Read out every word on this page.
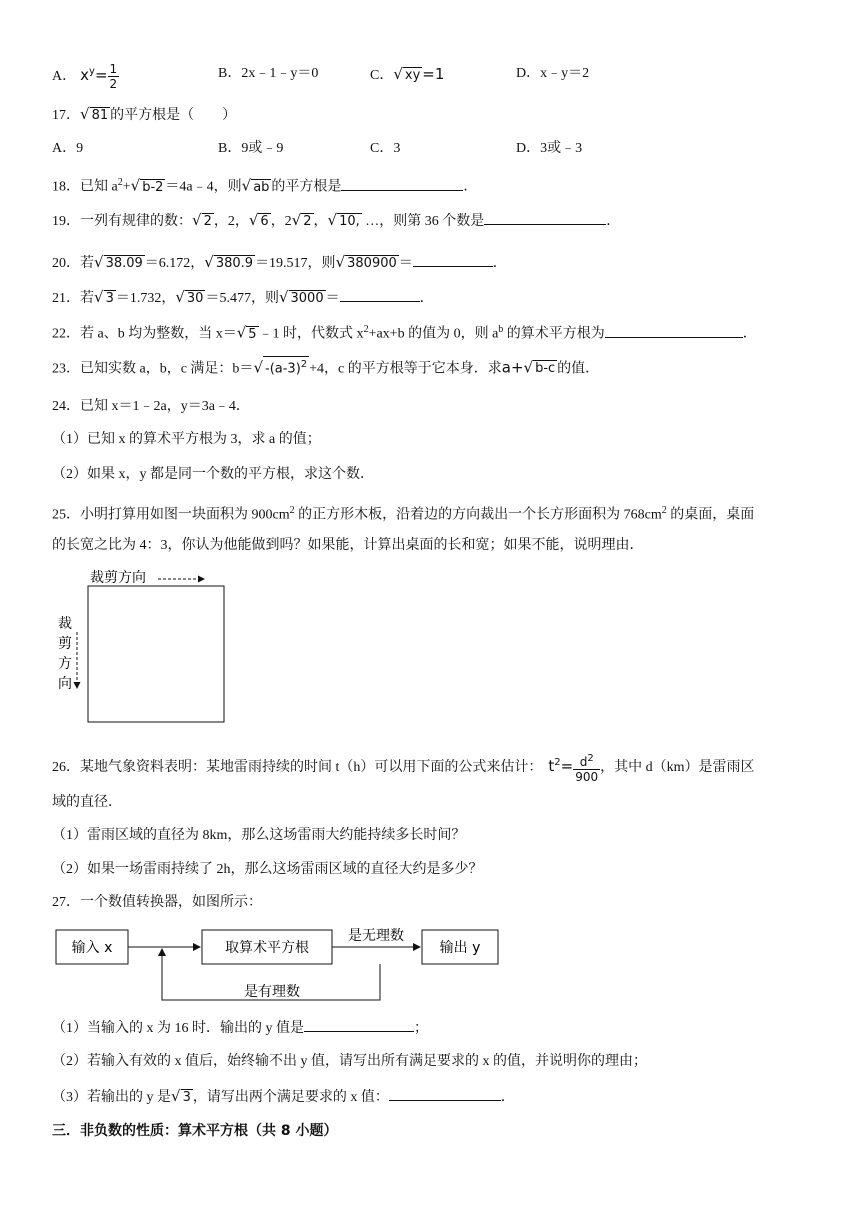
A． $x^y= \frac{1}{2}$	B．2x﹣1﹣y＝0	C．√ xy =1	D．x﹣y＝2
17．√ 81 的平方根是（　　）
A．9	B．9或﹣9	C．3	D．3或﹣3
18．已知 $a^2+√$ b-2 ＝4a﹣4，则√ ab 的平方根是	．
19．一列有规律的数：√ 2 ，2，√ 6 ，2√ 2 ，√ 10, …，则第 36 个数是	．
20．若√ 38.09 ＝6.172，√ 380.9 ＝19.517，则√ 380900 ＝	．
21．若√ 3 ＝1.732，√ 30 ＝5.477，则√ 3000 ＝	．
22．若 a、b 均为整数，当 x＝√ 5 ﹣1 时，代数式 $x^2+ax+b$ 的值为 0，则 $a^b$ 的算术平方根为	．
23．已知实数 a，b，c 满足：b＝√ $-(a-3)^2 +4$，c 的平方根等于它本身．求a+√ b-c 的值．
24．已知 x＝1﹣2a，y＝3a﹣4．
（1）已知 x 的算术平方根为 3，求 a 的值；
（2）如果 x，y 都是同一个数的平方根，求这个数．
25．小明打算用如图一块面积为 $900cm^2$ 的正方形木板，沿着边的方向裁出一个长方形面积为 $768cm^2$ 的桌面，桌面
的长宽之比为 4：3，你认为他能做到吗？如果能，计算出桌面的长和宽；如果不能，说明理由．
裁剪方向
裁
剪
方
向
26．某地气象资料表明：某地雷雨持续的时间 t（h）可以用下面的公式来估计： $t^2= \frac{d^2}{900}$ ，其中 d（km）是雷雨区
域的直径．
（1）雷雨区域的直径为 8km，那么这场雷雨大约能持续多长时间？
（2）如果一场雷雨持续了 2h，那么这场雷雨区域的直径大约是多少？
27．一个数值转换器，如图所示：
输入 x	取算术平方根
是无理数
输出 y
是有理数
（1）当输入的 x 为 16 时．输出的 y 值是	；
（2）若输入有效的 x 值后，始终输不出 y 值，请写出所有满足要求的 x 的值，并说明你的理由；
（3）若输出的 y 是√ 3 ，请写出两个满足要求的 x 值：	．
三．非负数的性质：算术平方根（共 8 小题）
